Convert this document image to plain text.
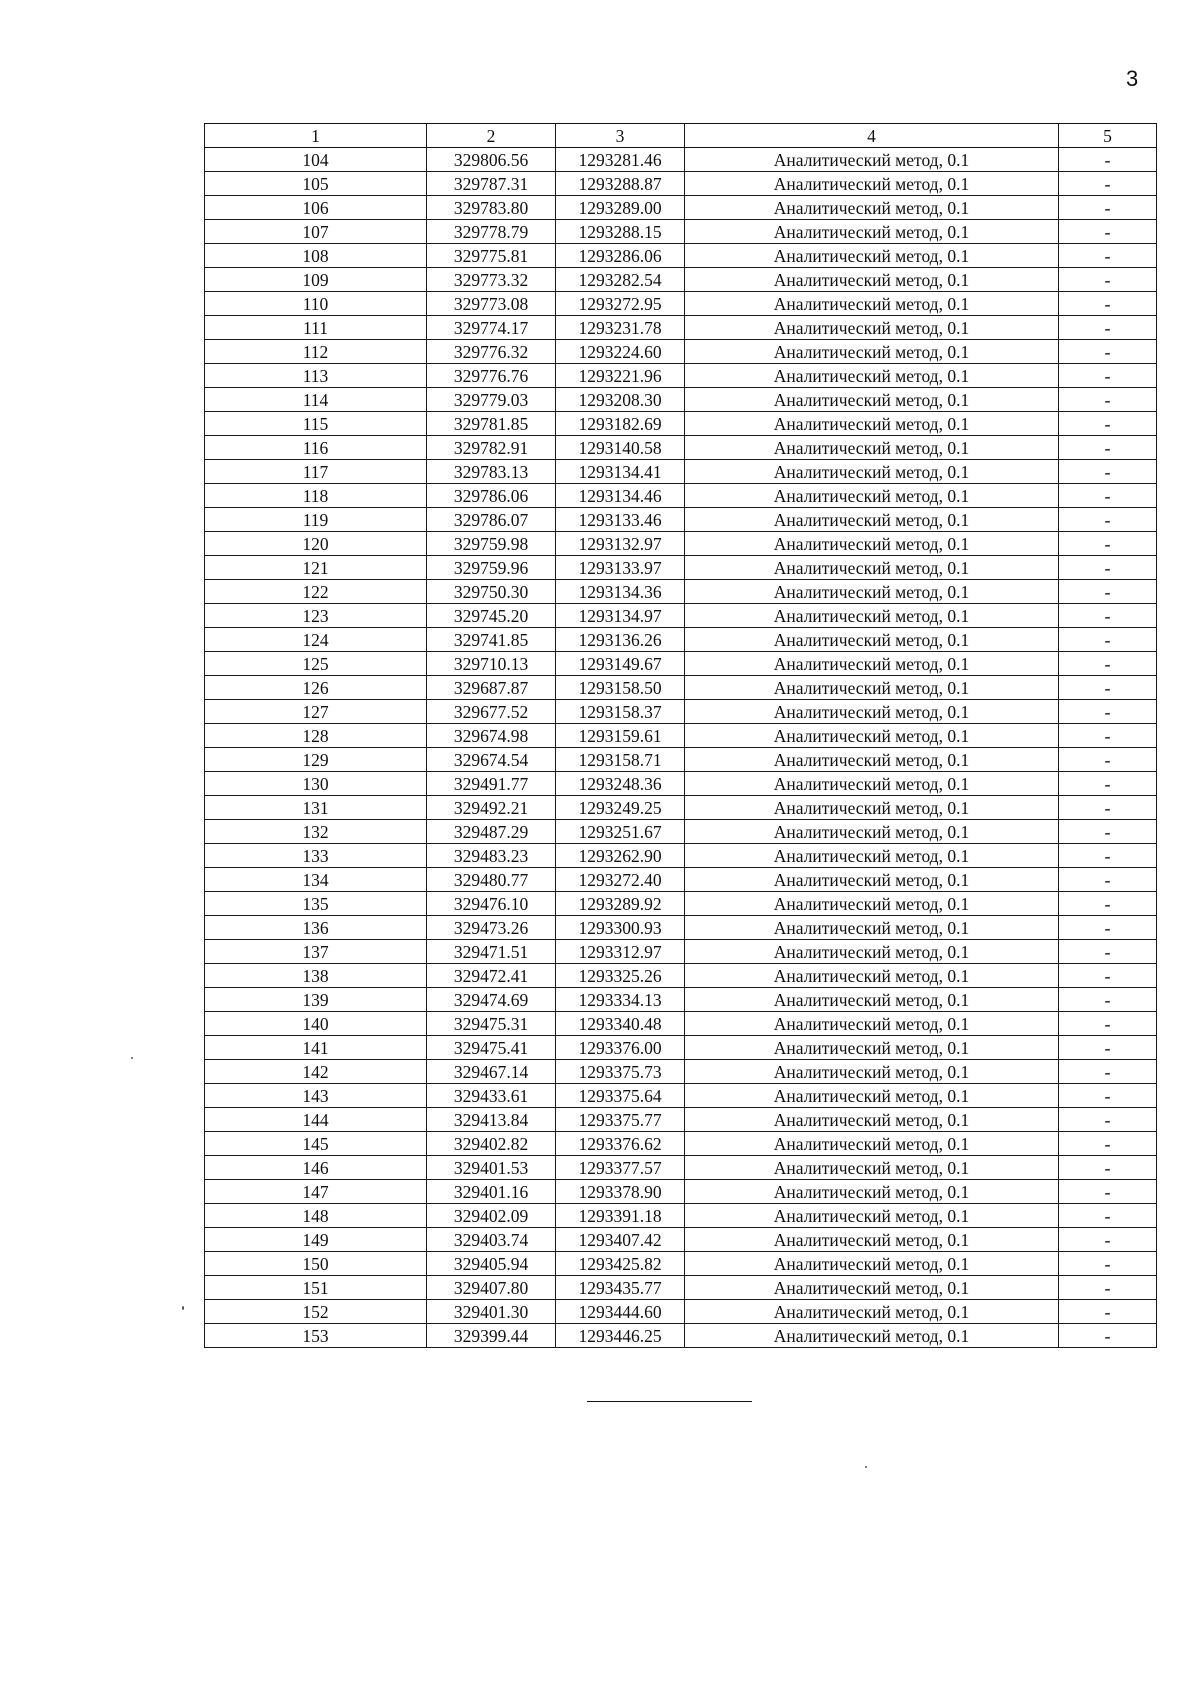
3
1	2	3	4	5
104	329806.56	1293281.46	Аналитический метод, 0.1	-
105	329787.31	1293288.87	Аналитический метод, 0.1	-
106	329783.80	1293289.00	Аналитический метод, 0.1	-
107	329778.79	1293288.15	Аналитический метод, 0.1	-
108	329775.81	1293286.06	Аналитический метод, 0.1	-
109	329773.32	1293282.54	Аналитический метод, 0.1	-
110	329773.08	1293272.95	Аналитический метод, 0.1	-
111	329774.17	1293231.78	Аналитический метод, 0.1	-
112	329776.32	1293224.60	Аналитический метод, 0.1	-
113	329776.76	1293221.96	Аналитический метод, 0.1	-
114	329779.03	1293208.30	Аналитический метод, 0.1	-
115	329781.85	1293182.69	Аналитический метод, 0.1	-
116	329782.91	1293140.58	Аналитический метод, 0.1	-
117	329783.13	1293134.41	Аналитический метод, 0.1	-
118	329786.06	1293134.46	Аналитический метод, 0.1	-
119	329786.07	1293133.46	Аналитический метод, 0.1	-
120	329759.98	1293132.97	Аналитический метод, 0.1	-
121	329759.96	1293133.97	Аналитический метод, 0.1	-
122	329750.30	1293134.36	Аналитический метод, 0.1	-
123	329745.20	1293134.97	Аналитический метод, 0.1	-
124	329741.85	1293136.26	Аналитический метод, 0.1	-
125	329710.13	1293149.67	Аналитический метод, 0.1	-
126	329687.87	1293158.50	Аналитический метод, 0.1	-
127	329677.52	1293158.37	Аналитический метод, 0.1	-
128	329674.98	1293159.61	Аналитический метод, 0.1	-
129	329674.54	1293158.71	Аналитический метод, 0.1	-
130	329491.77	1293248.36	Аналитический метод, 0.1	-
131	329492.21	1293249.25	Аналитический метод, 0.1	-
132	329487.29	1293251.67	Аналитический метод, 0.1	-
133	329483.23	1293262.90	Аналитический метод, 0.1	-
134	329480.77	1293272.40	Аналитический метод, 0.1	-
135	329476.10	1293289.92	Аналитический метод, 0.1	-
136	329473.26	1293300.93	Аналитический метод, 0.1	-
137	329471.51	1293312.97	Аналитический метод, 0.1	-
138	329472.41	1293325.26	Аналитический метод, 0.1	-
139	329474.69	1293334.13	Аналитический метод, 0.1	-
140	329475.31	1293340.48	Аналитический метод, 0.1	-
141	329475.41	1293376.00	Аналитический метод, 0.1	-
142	329467.14	1293375.73	Аналитический метод, 0.1	-
143	329433.61	1293375.64	Аналитический метод, 0.1	-
144	329413.84	1293375.77	Аналитический метод, 0.1	-
145	329402.82	1293376.62	Аналитический метод, 0.1	-
146	329401.53	1293377.57	Аналитический метод, 0.1	-
147	329401.16	1293378.90	Аналитический метод, 0.1	-
148	329402.09	1293391.18	Аналитический метод, 0.1	-
149	329403.74	1293407.42	Аналитический метод, 0.1	-
150	329405.94	1293425.82	Аналитический метод, 0.1	-
151	329407.80	1293435.77	Аналитический метод, 0.1	-
152	329401.30	1293444.60	Аналитический метод, 0.1	-
153	329399.44	1293446.25	Аналитический метод, 0.1	-
